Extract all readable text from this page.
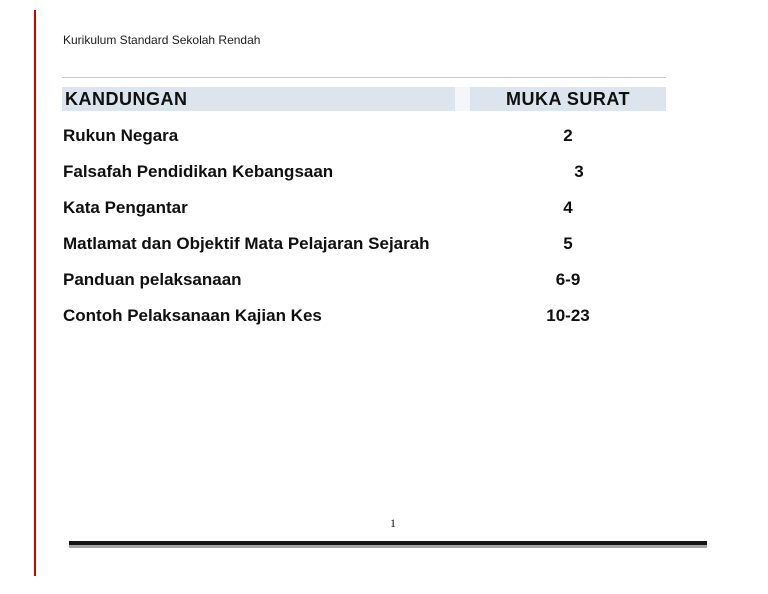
Kurikulum Standard Sekolah Rendah
KANDUNGAN	MUKA SURAT
Rukun Negara	2
Falsafah Pendidikan Kebangsaan	3
Kata Pengantar	4
Matlamat dan Objektif Mata Pelajaran Sejarah	5
Panduan pelaksanaan	6-9
Contoh Pelaksanaan Kajian Kes	10-23
1
